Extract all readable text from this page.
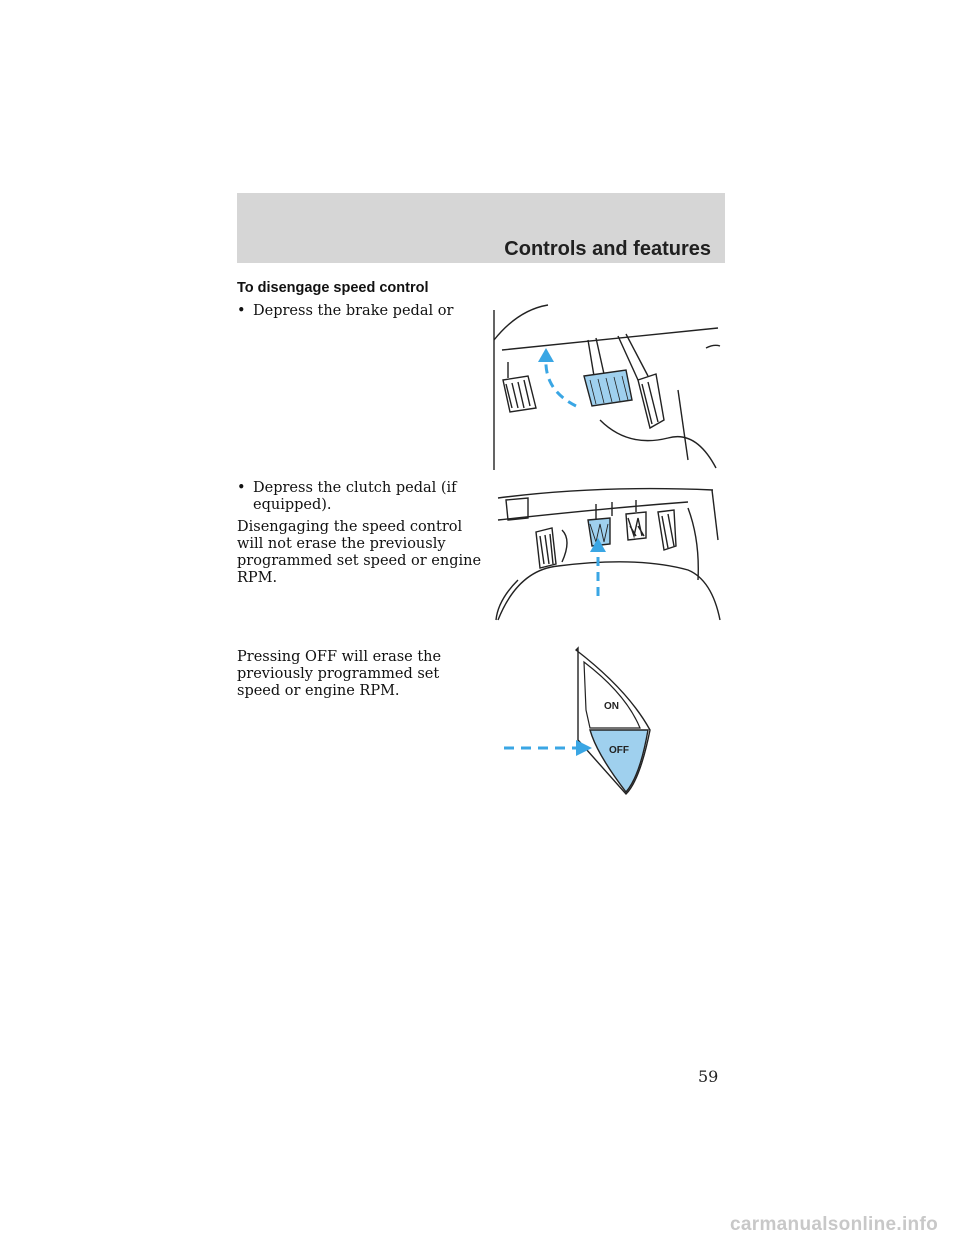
Controls and features
To disengage speed control
• Depress the brake pedal or
• Depress the clutch pedal (if equipped).
Disengaging the speed control will not erase the previously programmed set speed or engine RPM.
Pressing OFF will erase the previously programmed set speed or engine RPM.
ON
OFF
59
carmanualsonline.info
